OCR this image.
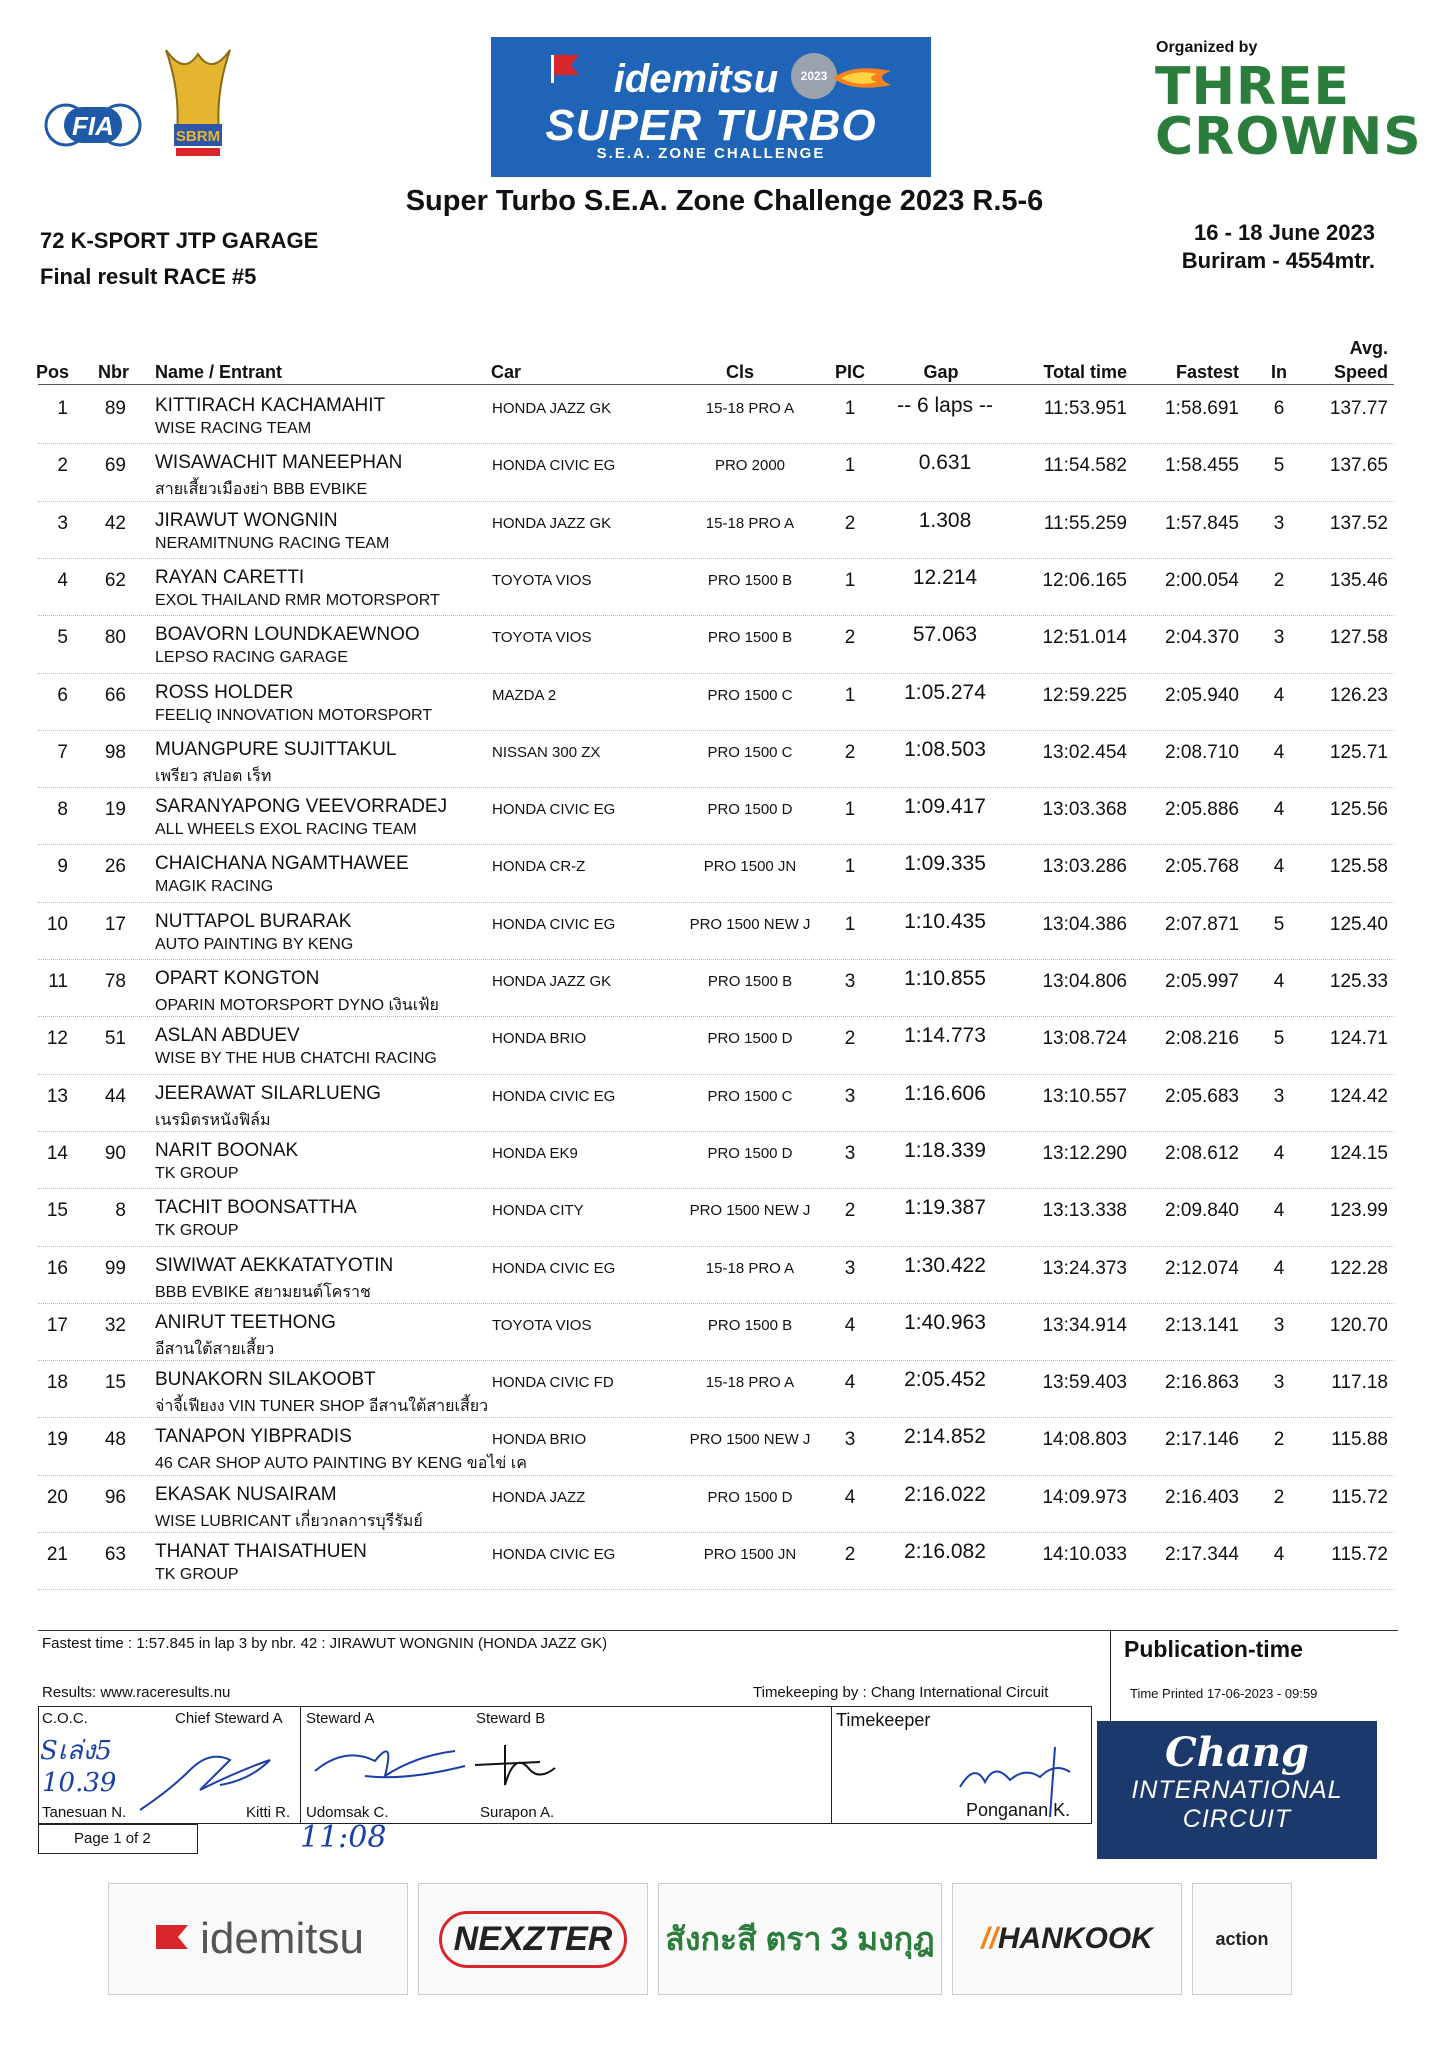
FIA	SBRM
idemitsu	2023
SUPER TURBO
S.E.A. ZONE CHALLENGE
Organized by
THREE
CROWNS
Super Turbo S.E.A. Zone Challenge 2023 R.5-6
72 K-SPORT JTP GARAGE
Final result RACE #5
16 - 18 June 2023
Buriram - 4554mtr.
Pos Nbr Name / Entrant	Car	Cls	PIC	Gap	Total time	Fastest	In
Avg.
Speed
1	89 KITTIRACH KACHAMAHIT	HONDA JAZZ GK	15-18 PRO A	1	-- 6 laps --	11:53.951	1:58.691	6	137.77
WISE RACING TEAM
2	69 WISAWACHIT MANEEPHAN	HONDA CIVIC EG	PRO 2000	1	0.631	11:54.582	1:58.455	5	137.65
สายเสี้ยวเมืองย่า BBB EVBIKE
3	42 JIRAWUT WONGNIN	HONDA JAZZ GK	15-18 PRO A	2	1.308	11:55.259	1:57.845	3	137.52
NERAMITNUNG RACING TEAM
4	62 RAYAN CARETTI	TOYOTA VIOS	PRO 1500 B	1	12.214	12:06.165	2:00.054	2	135.46
EXOL THAILAND RMR MOTORSPORT
5	80 BOAVORN LOUNDKAEWNOO	TOYOTA VIOS	PRO 1500 B	2	57.063	12:51.014	2:04.370	3	127.58
LEPSO RACING GARAGE
6	66 ROSS HOLDER	MAZDA 2	PRO 1500 C	1	1:05.274	12:59.225	2:05.940	4	126.23
FEELIQ INNOVATION MOTORSPORT
7	98 MUANGPURE SUJITTAKUL	NISSAN 300 ZX	PRO 1500 C	2	1:08.503	13:02.454	2:08.710	4	125.71
เพรียว สปอต เร็ท
8	19 SARANYAPONG VEEVORRADEJ	HONDA CIVIC EG	PRO 1500 D	1	1:09.417	13:03.368	2:05.886	4	125.56
ALL WHEELS EXOL RACING TEAM
9	26 CHAICHANA NGAMTHAWEE	HONDA CR-Z	PRO 1500 JN	1	1:09.335	13:03.286	2:05.768	4	125.58
MAGIK RACING
10	17 NUTTAPOL BURARAK	HONDA CIVIC EG	PRO 1500 NEW J	1	1:10.435	13:04.386	2:07.871	5	125.40
AUTO PAINTING BY KENG
11	78 OPART KONGTON	HONDA JAZZ GK	PRO 1500 B	3	1:10.855	13:04.806	2:05.997	4	125.33
OPARIN MOTORSPORT DYNO เงินเฟ้ย
12	51 ASLAN ABDUEV	HONDA BRIO	PRO 1500 D	2	1:14.773	13:08.724	2:08.216	5	124.71
WISE BY THE HUB CHATCHI RACING
13	44 JEERAWAT SILARLUENG	HONDA CIVIC EG	PRO 1500 C	3	1:16.606	13:10.557	2:05.683	3	124.42
เนรมิตรหนังฟิล์ม
14	90 NARIT BOONAK	HONDA EK9	PRO 1500 D	3	1:18.339	13:12.290	2:08.612	4	124.15
TK GROUP
15	8 TACHIT BOONSATTHA	HONDA CITY	PRO 1500 NEW J	2	1:19.387	13:13.338	2:09.840	4	123.99
TK GROUP
16	99 SIWIWAT AEKKATATYOTIN	HONDA CIVIC EG	15-18 PRO A	3	1:30.422	13:24.373	2:12.074	4	122.28
BBB EVBIKE สยามยนต์โคราช
17	32 ANIRUT TEETHONG	TOYOTA VIOS	PRO 1500 B	4	1:40.963	13:34.914	2:13.141	3	120.70
อีสานใต้สายเสี้ยว
18	15 BUNAKORN SILAKOOBT	HONDA CIVIC FD	15-18 PRO A	4	2:05.452	13:59.403	2:16.863	3	117.18
จ่าจี้เฟียงง VIN TUNER SHOP อีสานใต้สายเสี้ยว
19	48 TANAPON YIBPRADIS	HONDA BRIO	PRO 1500 NEW J	3	2:14.852	14:08.803	2:17.146	2	115.88
46 CAR SHOP AUTO PAINTING BY KENG ขอไข่ เค
20	96 EKASAK NUSAIRAM	HONDA JAZZ	PRO 1500 D	4	2:16.022	14:09.973	2:16.403	2	115.72
WISE LUBRICANT เกี่ยวกลการบุรีรัมย์
21	63 THANAT THAISATHUEN	HONDA CIVIC EG	PRO 1500 JN	2	2:16.082	14:10.033	2:17.344	4	115.72
TK GROUP
Fastest time : 1:57.845 in lap 3 by nbr. 42 : JIRAWUT WONGNIN (HONDA JAZZ GK)	Publication-time
Time Printed 17-06-2023 - 09:59
Results: www.raceresults.nu	Timekeeping by : Chang International Circuit
C.O.C.	Chief Steward A Steward A	Steward B	Timekeeper
Sเล่ง5
10.39
Tanesuan N.	Kitti R. Udomsak C.	Surapon A.	Ponganan K.
Page 1 of 2	11:08
Chang
INTERNATIONAL
CIRCUIT
idemitsu	NEXZTER	สังกะสี ตรา 3 มงกุฎ //HANKOOK	action
